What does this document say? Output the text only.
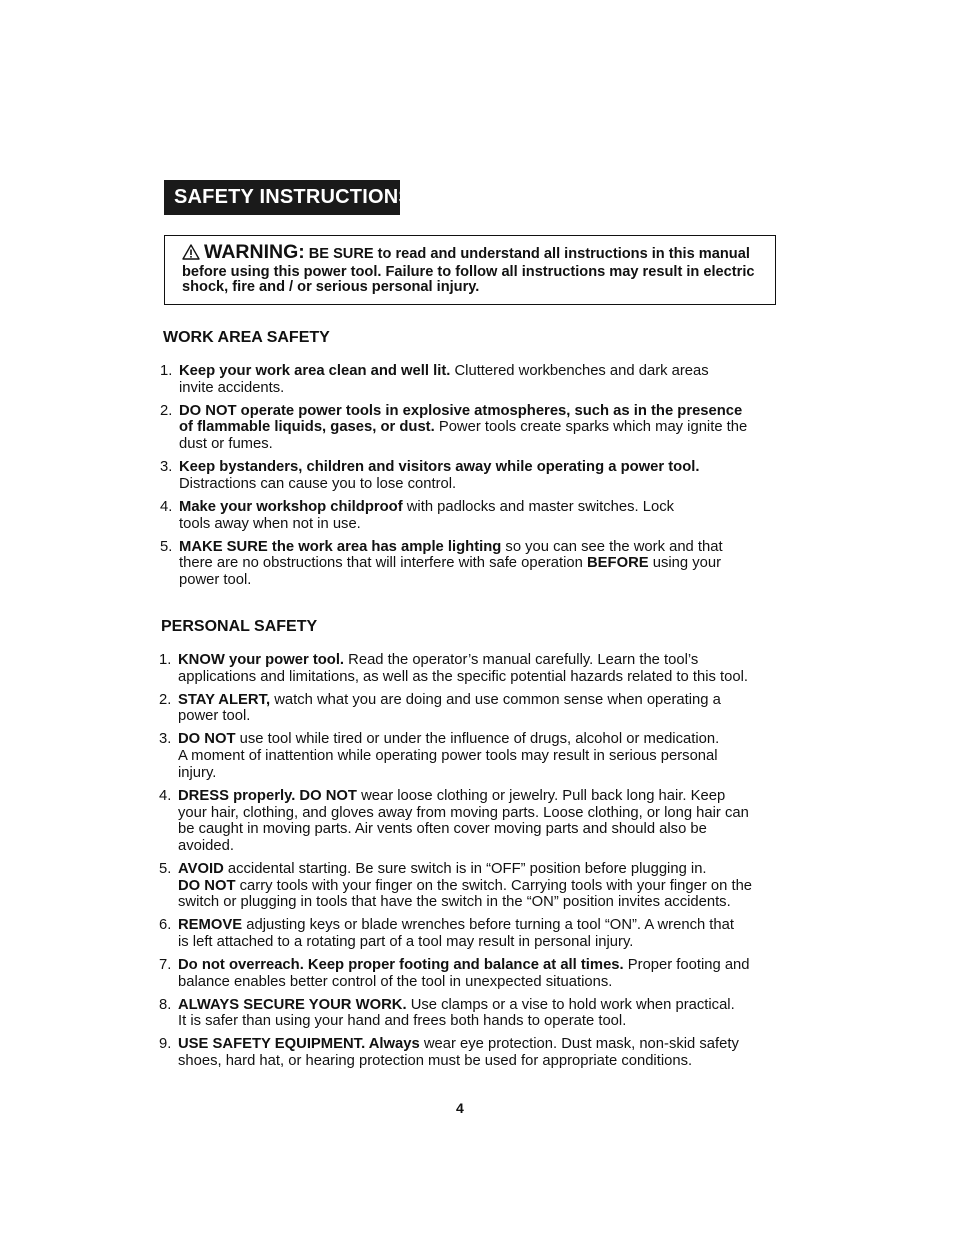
SAFETY INSTRUCTIONS
WARNING: BE SURE to read and understand all instructions in this manual
before using this power tool. Failure to follow all instructions may result in electric
shock, fire and / or serious personal injury.
WORK AREA SAFETY
1. Keep your work area clean and well lit. Cluttered workbenches and dark areas
invite accidents.
2. DO NOT operate power tools in explosive atmospheres, such as in the presence
of flammable liquids, gases, or dust. Power tools create sparks which may ignite the
dust or fumes.
3. Keep bystanders, children and visitors away while operating a power tool.
Distractions can cause you to lose control.
4. Make your workshop childproof with padlocks and master switches. Lock
tools away when not in use.
5. MAKE SURE the work area has ample lighting so you can see the work and that
there are no obstructions that will interfere with safe operation BEFORE using your
power tool.
PERSONAL SAFETY
1. KNOW your power tool. Read the operator’s manual carefully. Learn the tool’s
applications and limitations, as well as the specific potential hazards related to this tool.
2. STAY ALERT, watch what you are doing and use common sense when operating a
power tool.
3. DO NOT use tool while tired or under the influence of drugs, alcohol or medication.
A moment of inattention while operating power tools may result in serious personal
injury.
4. DRESS properly. DO NOT wear loose clothing or jewelry. Pull back long hair. Keep
your hair, clothing, and gloves away from moving parts. Loose clothing, or long hair can
be caught in moving parts. Air vents often cover moving parts and should also be
avoided.
5. AVOID accidental starting. Be sure switch is in “OFF” position before plugging in.
DO NOT carry tools with your finger on the switch. Carrying tools with your finger on the
switch or plugging in tools that have the switch in the “ON” position invites accidents.
6. REMOVE adjusting keys or blade wrenches before turning a tool “ON”. A wrench that
is left attached to a rotating part of a tool may result in personal injury.
7. Do not overreach. Keep proper footing and balance at all times. Proper footing and
balance enables better control of the tool in unexpected situations.
8. ALWAYS SECURE YOUR WORK. Use clamps or a vise to hold work when practical.
It is safer than using your hand and frees both hands to operate tool.
9. USE SAFETY EQUIPMENT. Always wear eye protection. Dust mask, non-skid safety
shoes, hard hat, or hearing protection must be used for appropriate conditions.
4
